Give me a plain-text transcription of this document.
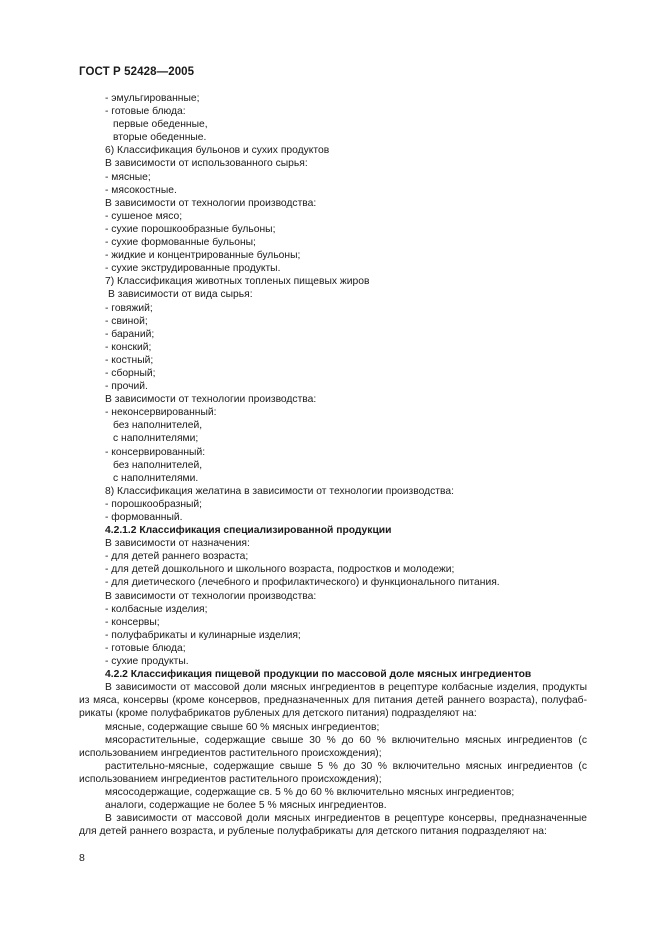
ГОСТ Р 52428—2005
- эмульгированные;
- готовые блюда:
первые обеденные,
вторые обеденные.
6) Классификация бульонов и сухих продуктов
В зависимости от использованного сырья:
- мясные;
- мясокостные.
В зависимости от технологии производства:
- сушеное мясо;
- сухие порошкообразные бульоны;
- сухие формованные бульоны;
- жидкие и концентрированные бульоны;
- сухие экструдированные продукты.
7) Классификация животных топленых пищевых жиров
В зависимости от вида сырья:
- говяжий;
- свиной;
- бараний;
- конский;
- костный;
- сборный;
- прочий.
В зависимости от технологии производства:
- неконсервированный:
без наполнителей,
с наполнителями;
- консервированный:
без наполнителей,
с наполнителями.
8) Классификация желатина в зависимости от технологии производства:
- порошкообразный;
- формованный.
4.2.1.2 Классификация специализированной продукции
В зависимости от назначения:
- для детей раннего возраста;
- для детей дошкольного и школьного возраста, подростков и молодежи;
- для диетического (лечебного и профилактического) и функционального питания.
В зависимости от технологии производства:
- колбасные изделия;
- консервы;
- полуфабрикаты и кулинарные изделия;
- готовые блюда;
- сухие продукты.
4.2.2 Классификация пищевой продукции по массовой доле мясных ингредиентов
В зависимости от массовой доли мясных ингредиентов в рецептуре колбасные изделия, продукты
из мяса, консервы (кроме консервов, предназначенных для питания детей раннего возраста), полуфаб-
рикаты (кроме полуфабрикатов рубленых для детского питания) подразделяют на:
мясные, содержащие свыше 60 % мясных ингредиентов;
мясорастительные, содержащие свыше 30 % до 60 % включительно мясных ингредиентов (с
использованием ингредиентов растительного происхождения);
растительно-мясные, содержащие свыше 5 % до 30 % включительно мясных ингредиентов (с
использованием ингредиентов растительного происхождения);
мясосодержащие, содержащие св. 5 % до 60 % включительно мясных ингредиентов;
аналоги, содержащие не более 5 % мясных ингредиентов.
В зависимости от массовой доли мясных ингредиентов в рецептуре консервы, предназначенные
для детей раннего возраста, и рубленые полуфабрикаты для детского питания подразделяют на:
8
